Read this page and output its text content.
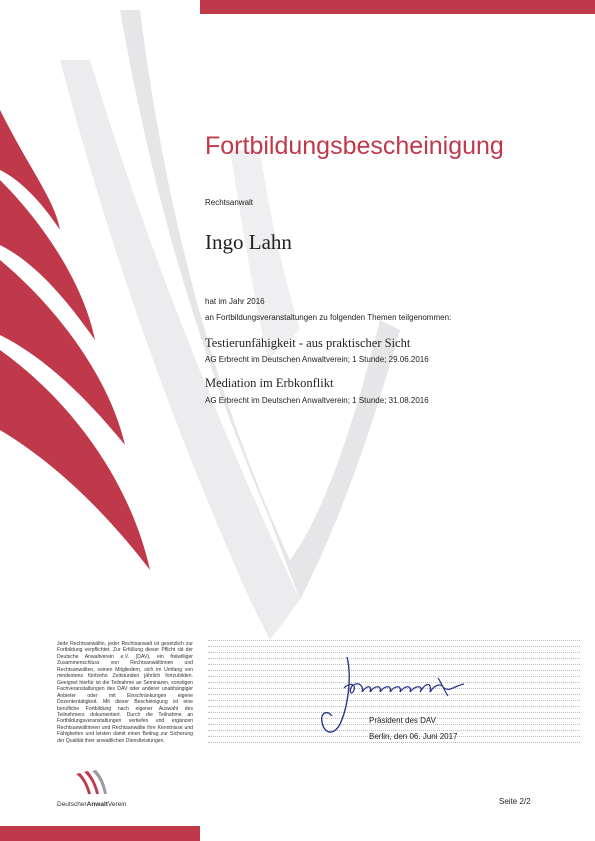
Fortbildungsbescheinigung
Rechtsanwalt
Ingo Lahn
hat im Jahr 2016
an Fortbildungsveranstaltungen zu folgenden Themen teilgenommen:
Testierunfähigkeit - aus praktischer Sicht
AG Erbrecht im Deutschen Anwaltverein; 1 Stunde; 29.06.2016
Mediation im Erbkonflikt
AG Erbrecht im Deutschen Anwaltverein; 1 Stunde; 31.08.2016
Jede Rechtsanwältin, jeder Rechtsanwalt ist gesetzlich zur Fortbildung verpflichtet. Zur Erfüllung dieser Pflicht rät der Deutsche Anwaltverein e.V. (DAV), ein freiwilliger Zusammenschluss von Rechtsanwältinnen und Rechtsanwälten, seinen Mitgliedern, sich im Umfang von mindestens fünfzehn Zeitstunden jährlich fortzubilden. Geeignet hierfür ist die Teilnahme an Seminaren, sonstigen Fachveranstaltungen des DAV oder anderer unabhängiger Anbieter oder mit Einschränkungen eigene Dozententätigkeit. Mit dieser Bescheinigung ist eine berufliche Fortbildung nach eigener Auswahl des Teilnehmers dokumentiert. Durch die Teilnahme an Fortbildungsveranstaltungen vertiefen und ergänzen Rechtsanwältinnen und Rechtsanwälte ihre Kenntnisse und Fähigkeiten und leisten damit einen Beitrag zur Sicherung der Qualität ihrer anwaltlichen Dienstleistungen.
Präsident des DAV
Berlin, den 06. Juni 2017
DeutscherAnwaltVerein	Seite 2/2
